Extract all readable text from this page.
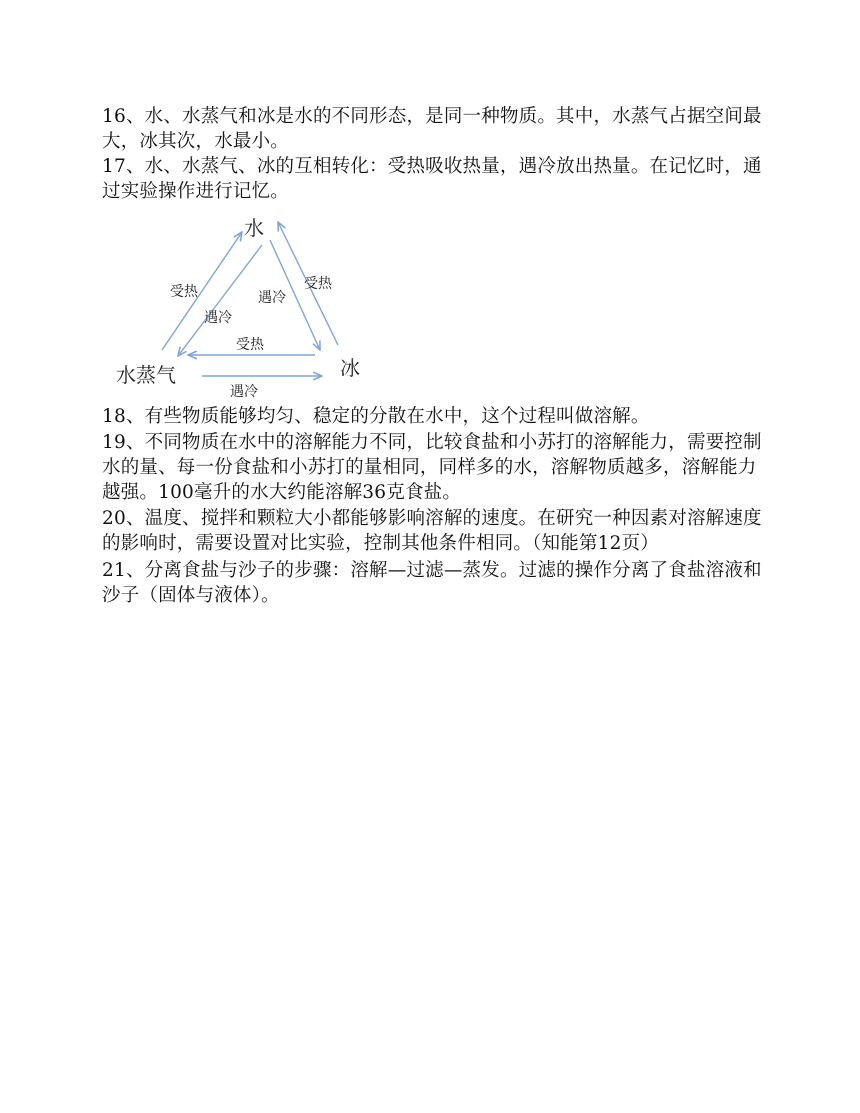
16、水、水蒸气和冰是水的不同形态，是同一种物质。其中，水蒸气占据空间最大，冰其次，水最小。

17、水、水蒸气、冰的互相转化：受热吸收热量，遇冷放出热量。在记忆时，通过实验操作进行记忆。

水
水蒸气	冰
受热
遇冷
遇冷
受热
受热
遇冷

18、有些物质能够均匀、稳定的分散在水中，这个过程叫做溶解。

19、不同物质在水中的溶解能力不同，比较食盐和小苏打的溶解能力，需要控制水的量、每一份食盐和小苏打的量相同，同样多的水，溶解物质越多，溶解能力越强。100毫升的水大约能溶解36克食盐。

20、温度、搅拌和颗粒大小都能够影响溶解的速度。在研究一种因素对溶解速度的影响时，需要设置对比实验，控制其他条件相同。（知能第12页）

21、分离食盐与沙子的步骤：溶解—过滤—蒸发。过滤的操作分离了食盐溶液和沙子（固体与液体）。
